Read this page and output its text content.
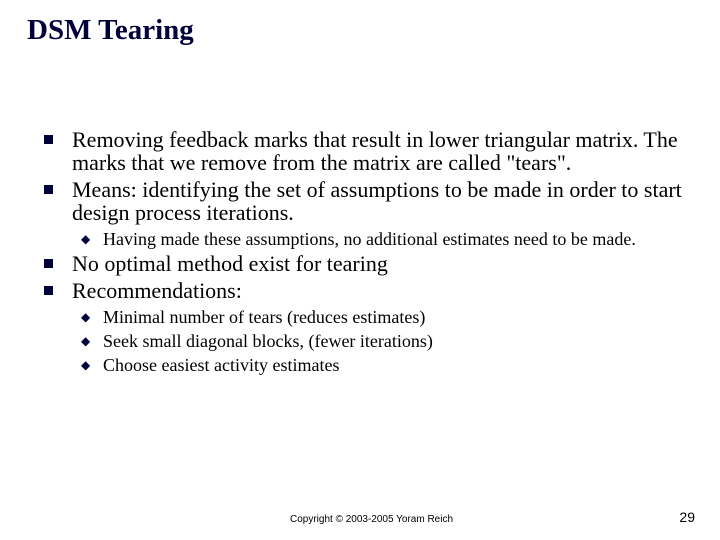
DSM Tearing
Removing feedback marks that result in lower triangular matrix. The marks that we remove from the matrix are called "tears".
Means: identifying the set of assumptions to be made in order to start design process iterations.
◆ Having made these assumptions, no additional estimates need to be made.
No optimal method exist for tearing
Recommendations:
◆ Minimal number of tears (reduces estimates)
◆ Seek small diagonal blocks, (fewer iterations)
◆ Choose easiest activity estimates
Copyright © 2003-2005 Yoram Reich	29
